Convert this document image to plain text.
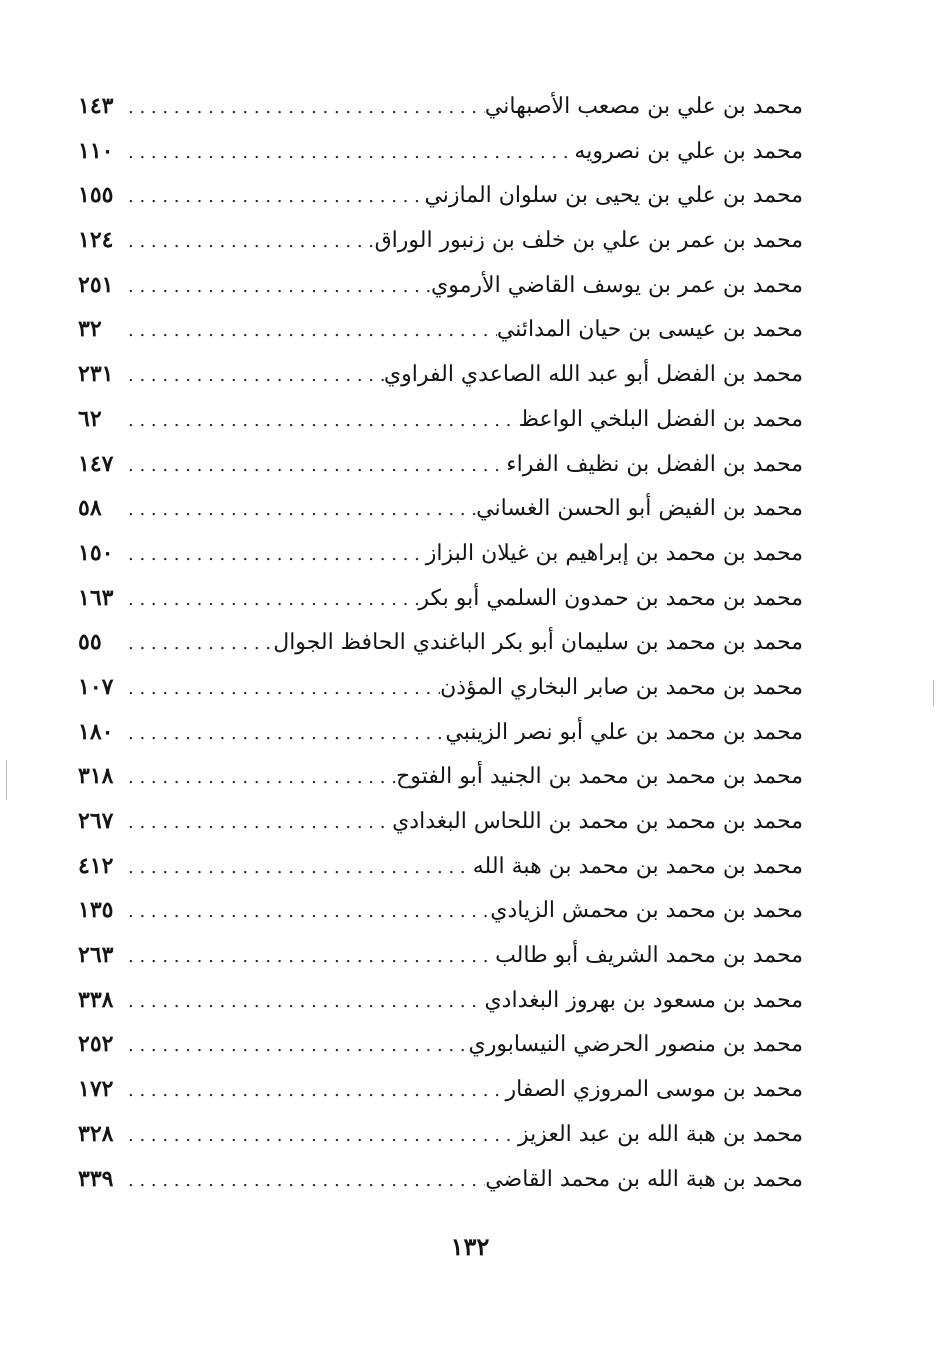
محمد بن علي بن مصعب الأصبهاني
. . .
١٤٣
محمد بن علي بن نصرويه
. . .
١١٠
محمد بن علي بن يحيى بن سلوان المازني
. . .
١٥٥
محمد بن عمر بن علي بن خلف بن زنبور الوراق
. . .
١٢٤
محمد بن عمر بن يوسف القاضي الأرموي
. . .
٢٥١
محمد بن عيسى بن حيان المدائني
. . .
٣٢
محمد بن الفضل أبو عبد الله الصاعدي الفراوي
. . .
٢٣١
محمد بن الفضل البلخي الواعظ
. . .
٦٢
محمد بن الفضل بن نظيف الفراء
. . .
١٤٧
محمد بن الفيض أبو الحسن الغساني
. . .
٥٨
محمد بن محمد بن إبراهيم بن غيلان البزاز
. . .
١٥٠
محمد بن محمد بن حمدون السلمي أبو بكر
. . .
١٦٣
محمد بن محمد بن سليمان أبو بكر الباغندي الحافظ الجوال
. . .
٥٥
محمد بن محمد بن صابر البخاري المؤذن
. . .
١٠٧
محمد بن محمد بن علي أبو نصر الزينبي
. . .
١٨٠
محمد بن محمد بن محمد بن الجنيد أبو الفتوح
. . .
٣١٨
محمد بن محمد بن محمد بن اللحاس البغدادي
. . .
٢٦٧
محمد بن محمد بن محمد بن هبة الله
. . .
٤١٢
محمد بن محمد بن محمش الزيادي
. . .
١٣٥
محمد بن محمد الشريف أبو طالب
. . .
٢٦٣
محمد بن مسعود بن بهروز البغدادي
. . .
٣٣٨
محمد بن منصور الحرضي النيسابوري
. . .
٢٥٢
محمد بن موسى المروزي الصفار
. . .
١٧٢
محمد بن هبة الله بن عبد العزيز
. . .
٣٢٨
محمد بن هبة الله بن محمد القاضي
. . .
٣٣٩
١٣٢
